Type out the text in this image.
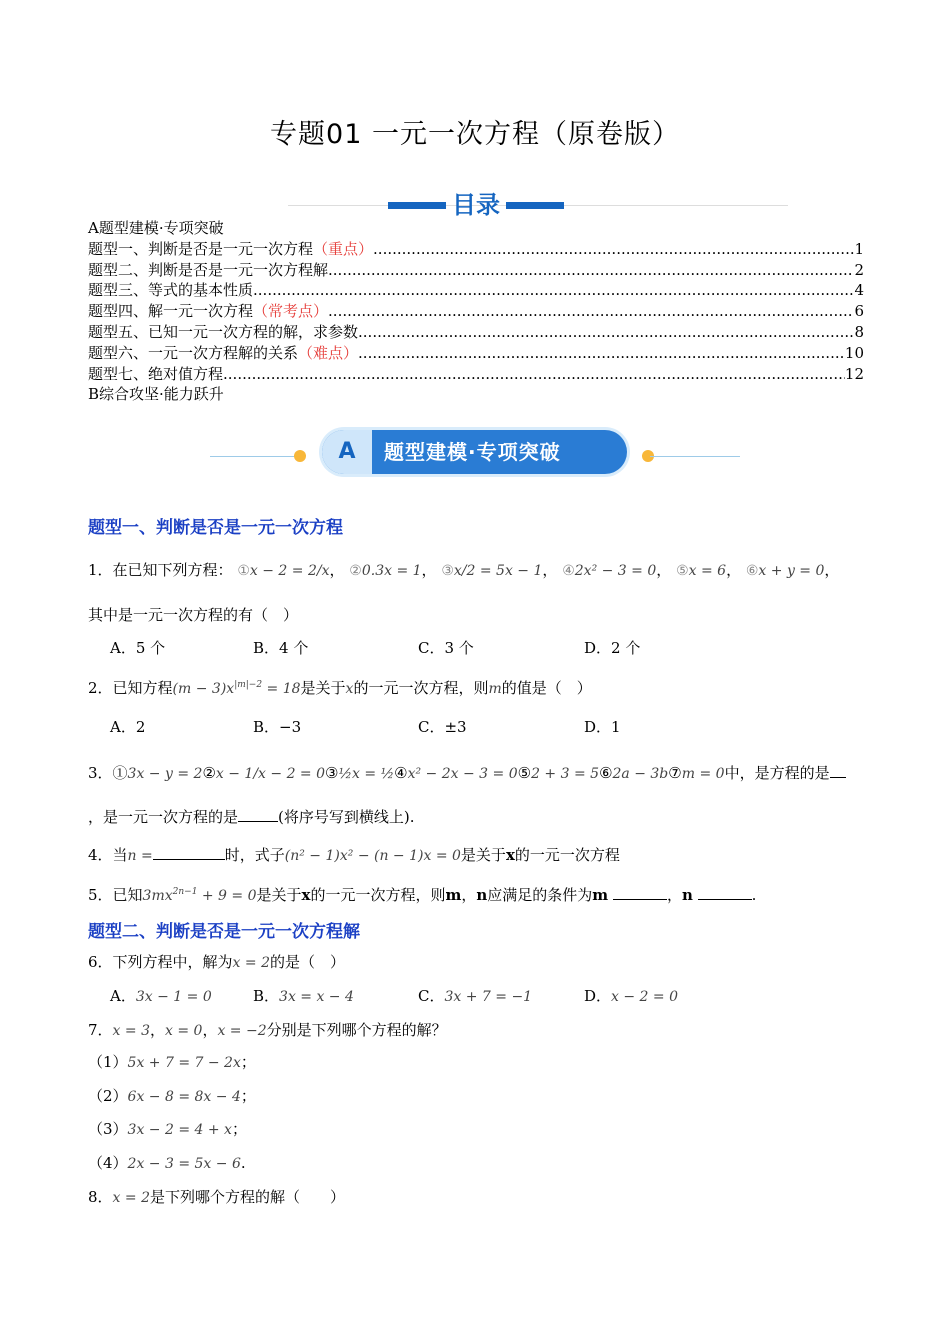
专题01 一元一次方程（原卷版）
目录
A题型建模·专项突破
题型一、判断是否是一元一次方程 （重点） .....	1
题型二、判断是否是一元一次方程解 .....	2
题型三、等式的基本性质 .....	4
题型四、解一元一次方程 （常考点） .....	6
题型五、已知一元一次方程的解，求参数 .....	8
题型六、一元一次方程解的关系 （难点） .....	10
题型七、绝对值方程 .....	12
B综合攻坚·能力跃升
A	题型建模·专项突破
题型一、判断是否是一元一次方程
1．在已知下列方程： ①x − 2 = 2/x， ②0.3x = 1， ③x/2 = 5x − 1， ④2x² − 3 = 0， ⑤x = 6， ⑥x + y = 0，
其中是一元一次方程的有（　）
A．5 个	B．4 个	C．3 个	D．2 个
2．已知方程$(m - 3)x^{|m|-2} = 18$是关于x的一元一次方程，则m的值是（　）
A．2	B．−3	C．±3	D．1
3．①3x − y = 2②x − 1/x − 2 = 0③½x = ½④x² − 2x − 3 = 0⑤2 + 3 = 5⑥2a − 3b⑦m = 0中，是方程的是
，是一元一次方程的是	(将序号写到横线上).
4．当n =	时，式子(n² − 1)x² − (n − 1)x = 0是关于x的一元一次方程
5．已知$3mx^{2n-1} + 9 = 0$是关于x的一元一次方程，则m，n应满足的条件为m	，n	.
题型二、判断是否是一元一次方程解
6．下列方程中，解为x = 2的是（　）
A．3x − 1 = 0	B．3x = x − 4	C．3x + 7 = −1	D．x − 2 = 0
7．x = 3，x = 0，x = −2分别是下列哪个方程的解？
（1）5x + 7 = 7 − 2x；
（2）6x − 8 = 8x − 4；
（3）3x − 2 = 4 + x；
（4）2x − 3 = 5x − 6.
8．x = 2是下列哪个方程的解（　　）
